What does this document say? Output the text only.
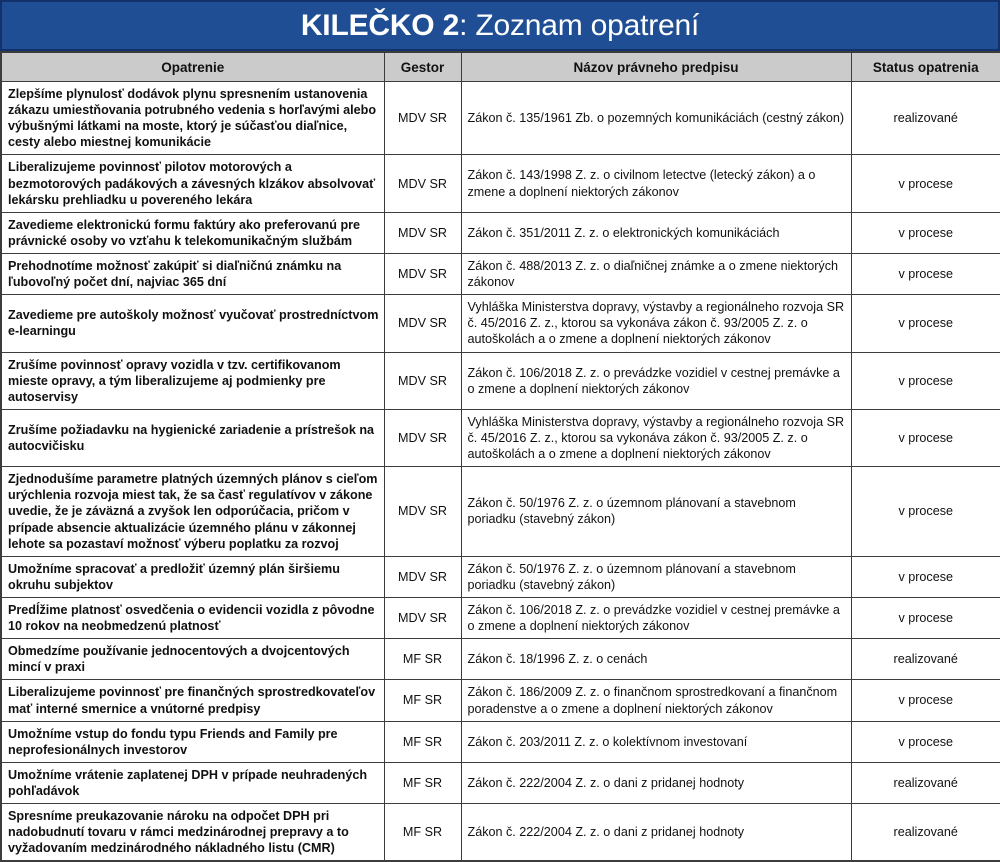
KILEČKO 2: Zoznam opatrení
Opatrenie	Gestor	Názov právneho predpisu	Status opatrenia
Zlepšíme plynulosť dodávok plynu spresnením ustanovenia zákazu umiestňovania potrubného vedenia s horľavými alebo výbušnými látkami na moste, ktorý je súčasťou diaľnice, cesty alebo miestnej komunikácie	MDV SR	Zákon č. 135/1961 Zb. o pozemných komunikáciách (cestný zákon)	realizované
Liberalizujeme povinnosť pilotov motorových a bezmotorových padákových a závesných klzákov absolvovať lekársku prehliadku u povereného lekára	MDV SR	Zákon č. 143/1998 Z. z. o civilnom letectve (letecký zákon) a o zmene a doplnení niektorých zákonov	v procese
Zavedieme elektronickú formu faktúry ako preferovanú pre právnické osoby vo vzťahu k telekomunikačným službám	MDV SR	Zákon č. 351/2011 Z. z. o elektronických komunikáciách	v procese
Prehodnotíme možnosť zakúpiť si diaľničnú známku na ľubovoľný počet dní, najviac 365 dní	MDV SR	Zákon č. 488/2013 Z. z. o diaľničnej známke a o zmene niektorých zákonov	v procese
Zavedieme pre autoškoly možnosť vyučovať prostredníctvom e-learningu	MDV SR	Vyhláška Ministerstva dopravy, výstavby a regionálneho rozvoja SR č. 45/2016 Z. z., ktorou sa vykonáva zákon č. 93/2005 Z. z. o autoškolách a o zmene a doplnení niektorých zákonov	v procese
Zrušíme povinnosť opravy vozidla v tzv. certifikovanom mieste opravy, a tým liberalizujeme aj podmienky pre autoservisy	MDV SR	Zákon č. 106/2018 Z. z. o prevádzke vozidiel v cestnej premávke a o zmene a doplnení niektorých zákonov	v procese
Zrušíme požiadavku na hygienické zariadenie a prístrešok na autocvičisku	MDV SR	Vyhláška Ministerstva dopravy, výstavby a regionálneho rozvoja SR č. 45/2016 Z. z., ktorou sa vykonáva zákon č. 93/2005 Z. z. o autoškolách a o zmene a doplnení niektorých zákonov	v procese
Zjednodušíme parametre platných územných plánov s cieľom urýchlenia rozvoja miest tak, že sa časť regulatívov v zákone uvedie, že je záväzná a zvyšok len odporúčacia, pričom v prípade absencie aktualizácie územného plánu v zákonnej lehote sa pozastaví možnosť výberu poplatku za rozvoj	MDV SR	Zákon č. 50/1976 Z. z. o územnom plánovaní a stavebnom poriadku (stavebný zákon)	v procese
Umožníme spracovať a predložiť územný plán širšiemu okruhu subjektov	MDV SR	Zákon č. 50/1976 Z. z. o územnom plánovaní a stavebnom poriadku (stavebný zákon)	v procese
Predĺžime platnosť osvedčenia o evidencii vozidla z pôvodne 10 rokov na neobmedzenú platnosť	MDV SR	Zákon č. 106/2018 Z. z. o prevádzke vozidiel v cestnej premávke a o zmene a doplnení niektorých zákonov	v procese
Obmedzíme používanie jednocentových a dvojcentových mincí v praxi	MF SR	Zákon č. 18/1996 Z. z. o cenách	realizované
Liberalizujeme povinnosť pre finančných sprostredkovateľov mať interné smernice a vnútorné predpisy	MF SR	Zákon č. 186/2009 Z. z. o finančnom sprostredkovaní a finančnom poradenstve a o zmene a doplnení niektorých zákonov	v procese
Umožníme vstup do fondu typu Friends and Family pre neprofesionálnych investorov	MF SR	Zákon č. 203/2011 Z. z. o kolektívnom investovaní	v procese
Umožníme vrátenie zaplatenej DPH v prípade neuhradených pohľadávok	MF SR	Zákon č. 222/2004 Z. z. o dani z pridanej hodnoty	realizované
Spresníme preukazovanie nároku na odpočet DPH pri nadobudnutí tovaru v rámci medzinárodnej prepravy a to vyžadovaním medzinárodného nákladného listu (CMR)	MF SR	Zákon č. 222/2004 Z. z. o dani z pridanej hodnoty	realizované
